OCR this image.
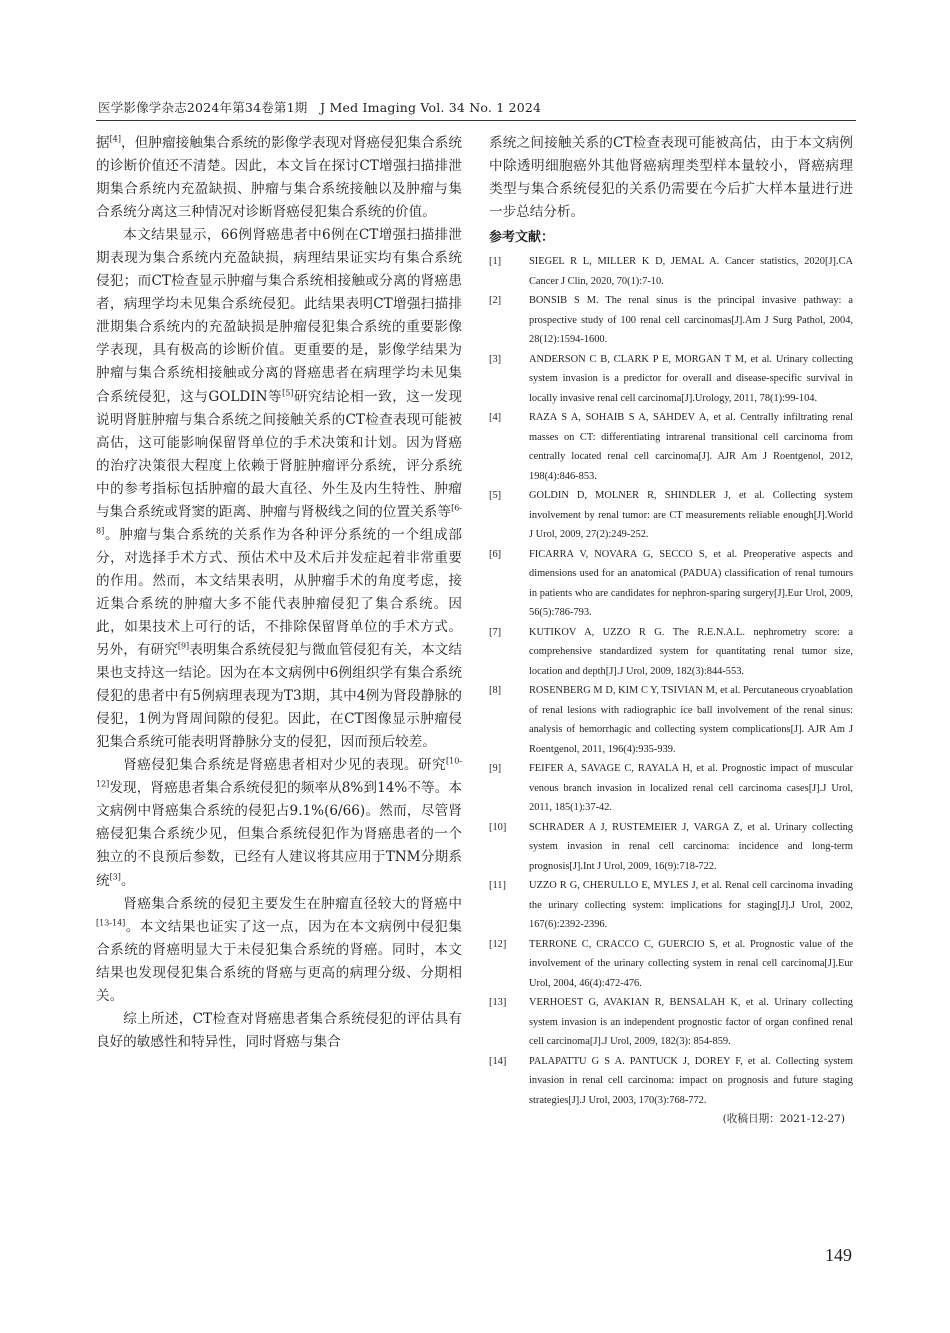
医学影像学杂志2024年第34卷第1期　J Med Imaging Vol. 34 No. 1 2024

据[4]，但肿瘤接触集合系统的影像学表现对肾癌侵犯集合系统的诊断价值还不清楚。因此，本文旨在探讨CT增强扫描排泄期集合系统内充盈缺损、肿瘤与集合系统接触以及肿瘤与集合系统分离这三种情况对诊断肾癌侵犯集合系统的价值。

本文结果显示，66例肾癌患者中6例在CT增强扫描排泄期表现为集合系统内充盈缺损，病理结果证实均有集合系统侵犯；而CT检查显示肿瘤与集合系统相接触或分离的肾癌患者，病理学均未见集合系统侵犯。此结果表明CT增强扫描排泄期集合系统内的充盈缺损是肿瘤侵犯集合系统的重要影像学表现，具有极高的诊断价值。更重要的是，影像学结果为肿瘤与集合系统相接触或分离的肾癌患者在病理学均未见集合系统侵犯，这与GOLDIN等[5]研究结论相一致，这一发现说明肾脏肿瘤与集合系统之间接触关系的CT检查表现可能被高估，这可能影响保留肾单位的手术决策和计划。因为肾癌的治疗决策很大程度上依赖于肾脏肿瘤评分系统，评分系统中的参考指标包括肿瘤的最大直径、外生及内生特性、肿瘤与集合系统或肾窦的距离、肿瘤与肾极线之间的位置关系等[6-8]。肿瘤与集合系统的关系作为各种评分系统的一个组成部分，对选择手术方式、预估术中及术后并发症起着非常重要的作用。然而，本文结果表明，从肿瘤手术的角度考虑，接近集合系统的肿瘤大多不能代表肿瘤侵犯了集合系统。因此，如果技术上可行的话，不排除保留肾单位的手术方式。另外，有研究[9]表明集合系统侵犯与微血管侵犯有关，本文结果也支持这一结论。因为在本文病例中6例组织学有集合系统侵犯的患者中有5例病理表现为T3期，其中4例为肾段静脉的侵犯，1例为肾周间隙的侵犯。因此，在CT图像显示肿瘤侵犯集合系统可能表明肾静脉分支的侵犯，因而预后较差。

肾癌侵犯集合系统是肾癌患者相对少见的表现。研究[10-12]发现，肾癌患者集合系统侵犯的频率从8%到14%不等。本文病例中肾癌集合系统的侵犯占9.1%(6/66)。然而，尽管肾癌侵犯集合系统少见，但集合系统侵犯作为肾癌患者的一个独立的不良预后参数，已经有人建议将其应用于TNM分期系统[3]。

肾癌集合系统的侵犯主要发生在肿瘤直径较大的肾癌中[13-14]。本文结果也证实了这一点，因为在本文病例中侵犯集合系统的肾癌明显大于未侵犯集合系统的肾癌。同时，本文结果也发现侵犯集合系统的肾癌与更高的病理分级、分期相关。

综上所述，CT检查对肾癌患者集合系统侵犯的评估具有良好的敏感性和特异性，同时肾癌与集合

系统之间接触关系的CT检查表现可能被高估，由于本文病例中除透明细胞癌外其他肾癌病理类型样本量较小，肾癌病理类型与集合系统侵犯的关系仍需要在今后扩大样本量进行进一步总结分析。

参考文献：
[1]	SIEGEL R L, MILLER K D, JEMAL A. Cancer statistics, 2020[J].CA Cancer J Clin, 2020, 70(1):7-10.
[2]	BONSIB S M. The renal sinus is the principal invasive pathway: a prospective study of 100 renal cell carcinomas[J].Am J Surg Pathol, 2004, 28(12):1594-1600.
[3]	ANDERSON C B, CLARK P E, MORGAN T M, et al. Urinary collecting system invasion is a predictor for overall and disease-specific survival in locally invasive renal cell carcinoma[J].Urology, 2011, 78(1):99-104.
[4]	RAZA S A, SOHAIB S A, SAHDEV A, et al. Centrally infiltrating renal masses on CT: differentiating intrarenal transitional cell carcinoma from centrally located renal cell carcinoma[J]. AJR Am J Roentgenol, 2012, 198(4):846-853.
[5]	GOLDIN D, MOLNER R, SHINDLER J, et al. Collecting system involvement by renal tumor: are CT measurements reliable enough[J].World J Urol, 2009, 27(2):249-252.
[6]	FICARRA V, NOVARA G, SECCO S, et al. Preoperative aspects and dimensions used for an anatomical (PADUA) classification of renal tumours in patients who are candidates for nephron-sparing surgery[J].Eur Urol, 2009, 56(5):786-793.
[7]	KUTIKOV A, UZZO R G. The R.E.N.A.L. nephrometry score: a comprehensive standardized system for quantitating renal tumor size, location and depth[J].J Urol, 2009, 182(3):844-553.
[8]	ROSENBERG M D, KIM C Y, TSIVIAN M, et al. Percutaneous cryoablation of renal lesions with radiographic ice ball involvement of the renal sinus: analysis of hemorrhagic and collecting system complications[J]. AJR Am J Roentgenol, 2011, 196(4):935-939.
[9]	FEIFER A, SAVAGE C, RAYALA H, et al. Prognostic impact of muscular venous branch invasion in localized renal cell carcinoma cases[J].J Urol, 2011, 185(1):37-42.
[10]	SCHRADER A J, RUSTEMEIER J, VARGA Z, et al. Urinary collecting system invasion in renal cell carcinoma: incidence and long-term prognosis[J].Int J Urol, 2009, 16(9):718-722.
[11]	UZZO R G, CHERULLO E, MYLES J, et al. Renal cell carcinoma invading the urinary collecting system: implications for staging[J].J Urol, 2002, 167(6):2392-2396.
[12]	TERRONE C, CRACCO C, GUERCIO S, et al. Prognostic value of the involvement of the urinary collecting system in renal cell carcinoma[J].Eur Urol, 2004, 46(4):472-476.
[13]	VERHOEST G, AVAKIAN R, BENSALAH K, et al. Urinary collecting system invasion is an independent prognostic factor of organ confined renal cell carcinoma[J].J Urol, 2009, 182(3): 854-859.
[14]	PALAPATTU G S A. PANTUCK J, DOREY F, et al. Collecting system invasion in renal cell carcinoma: impact on prognosis and future staging strategies[J].J Urol, 2003, 170(3):768-772.
(收稿日期：2021-12-27)
149
